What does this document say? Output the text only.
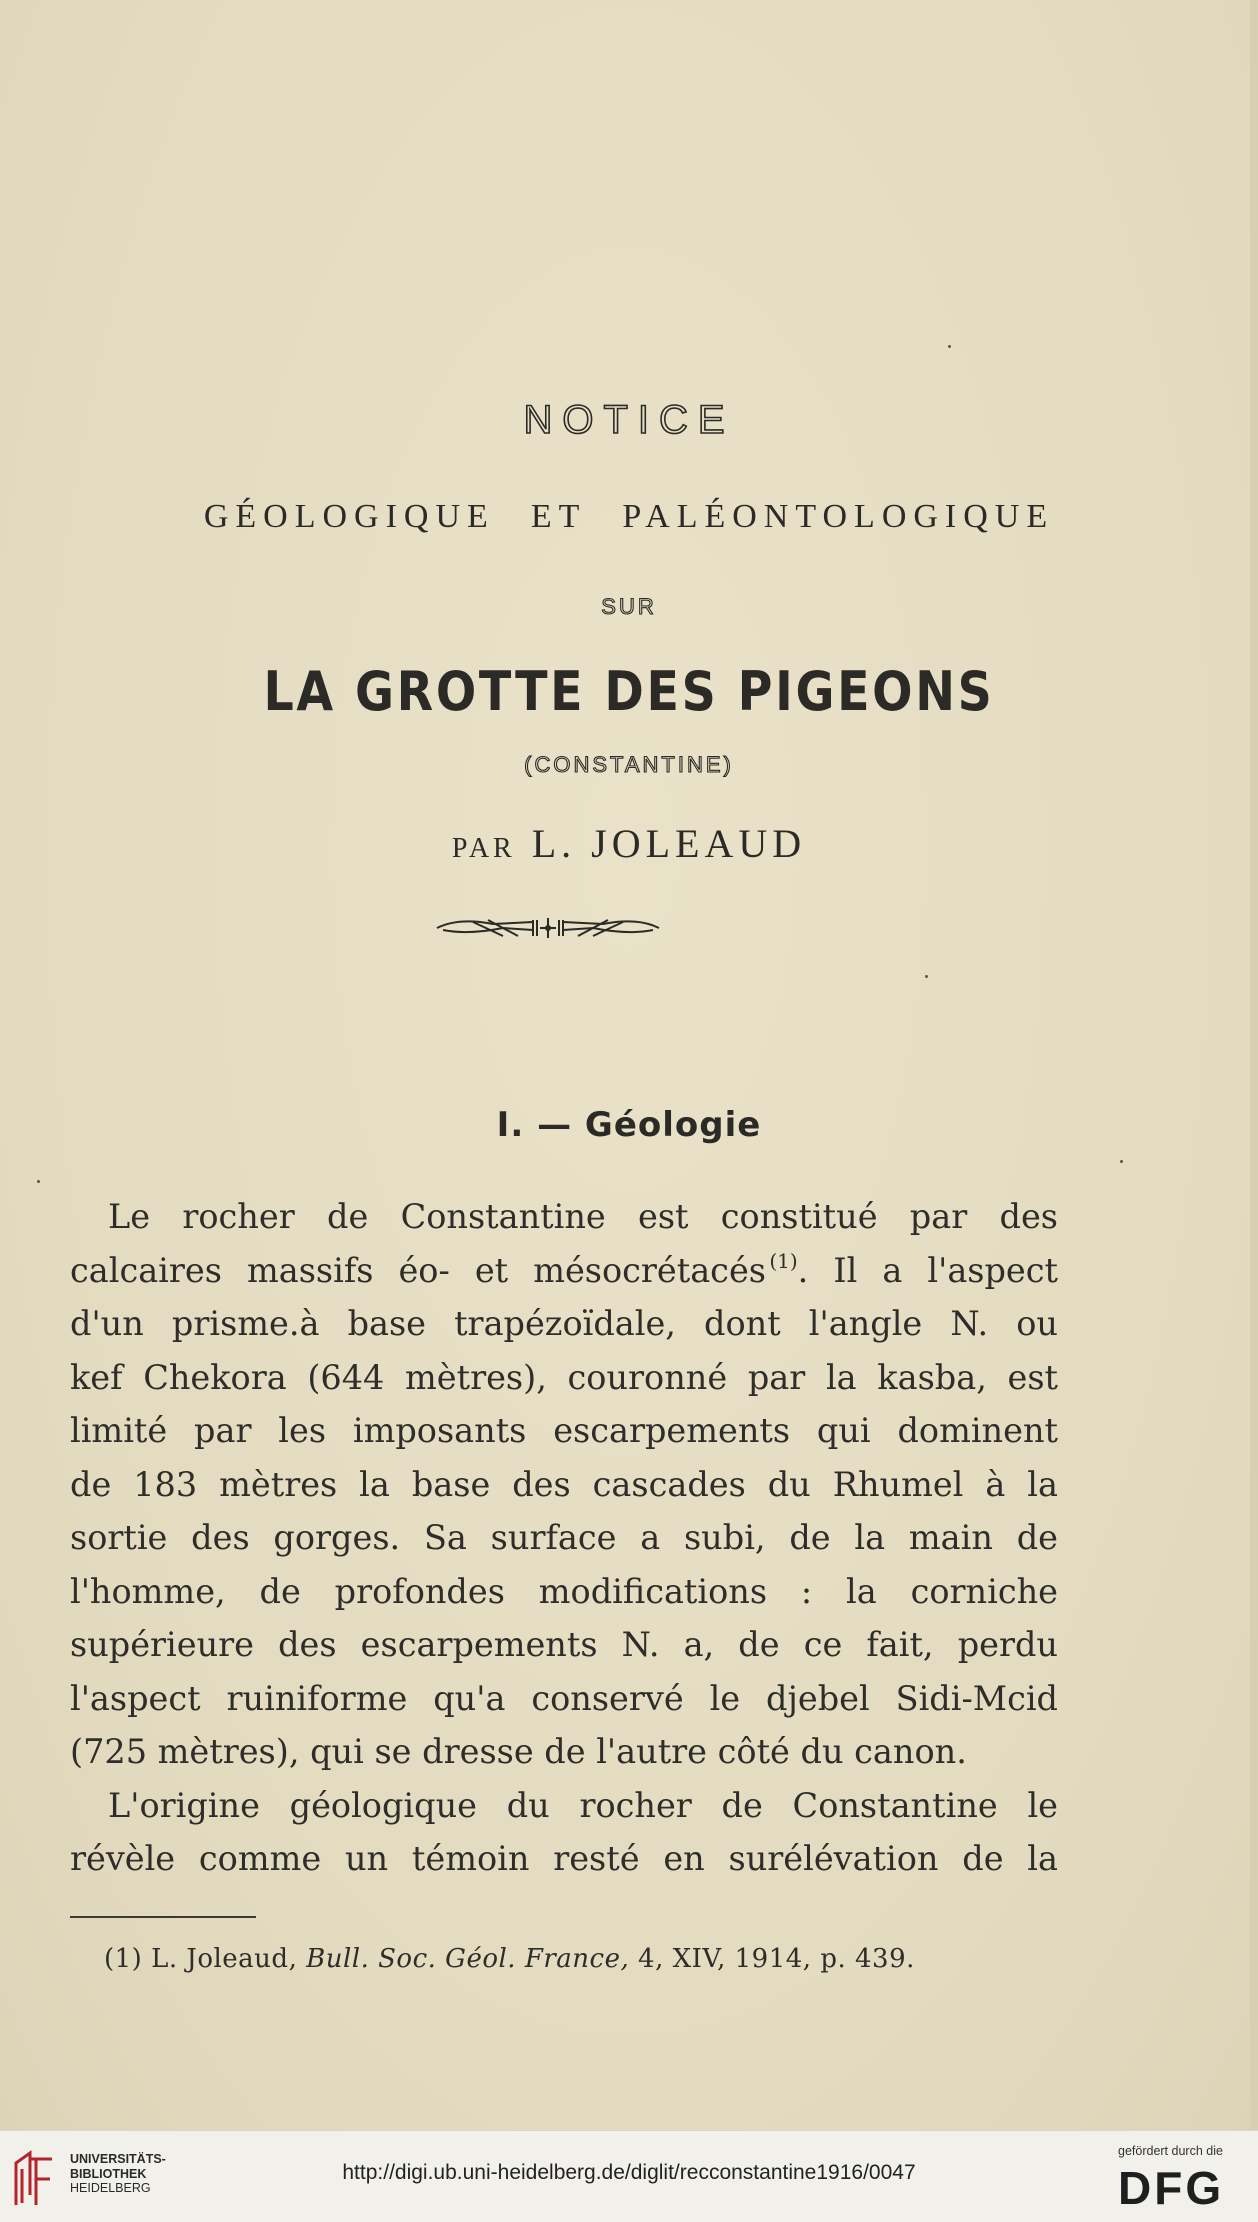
NOTICE
GÉOLOGIQUE ET PALÉONTOLOGIQUE
SUR
LA GROTTE DES PIGEONS
(CONSTANTINE)
PAR L. JOLEAUD
I. — Géologie
Le rocher de Constantine est constitué par des
calcaires massifs éo- et mésocrétacés  $^{(1)}$. Il a l'aspect
d'un prisme.à base trapézoïdale, dont l'angle N. ou
kef Chekora (644 mètres), couronné par la kasba, est
limité par les imposants escarpements qui dominent
de 183 mètres la base des cascades du Rhumel à la
sortie des gorges. Sa surface a subi, de la main de
l'homme, de profondes modifications : la corniche
supérieure des escarpements N. a, de ce fait, perdu
l'aspect ruiniforme qu'a conservé le djebel Sidi-Mcid
(725 mètres), qui se dresse de l'autre côté du canon.
L'origine géologique du rocher de Constantine le
révèle comme un témoin resté en surélévation de la
(1) L. Joleaud, Bull. Soc. Géol. France, 4, XIV, 1914, p. 439.
UNIVERSITÄTS-
BIBLIOTHEK
HEIDELBERG
http://digi.ub.uni-heidelberg.de/diglit/recconstantine1916/0047
gefördert durch die
DFG
